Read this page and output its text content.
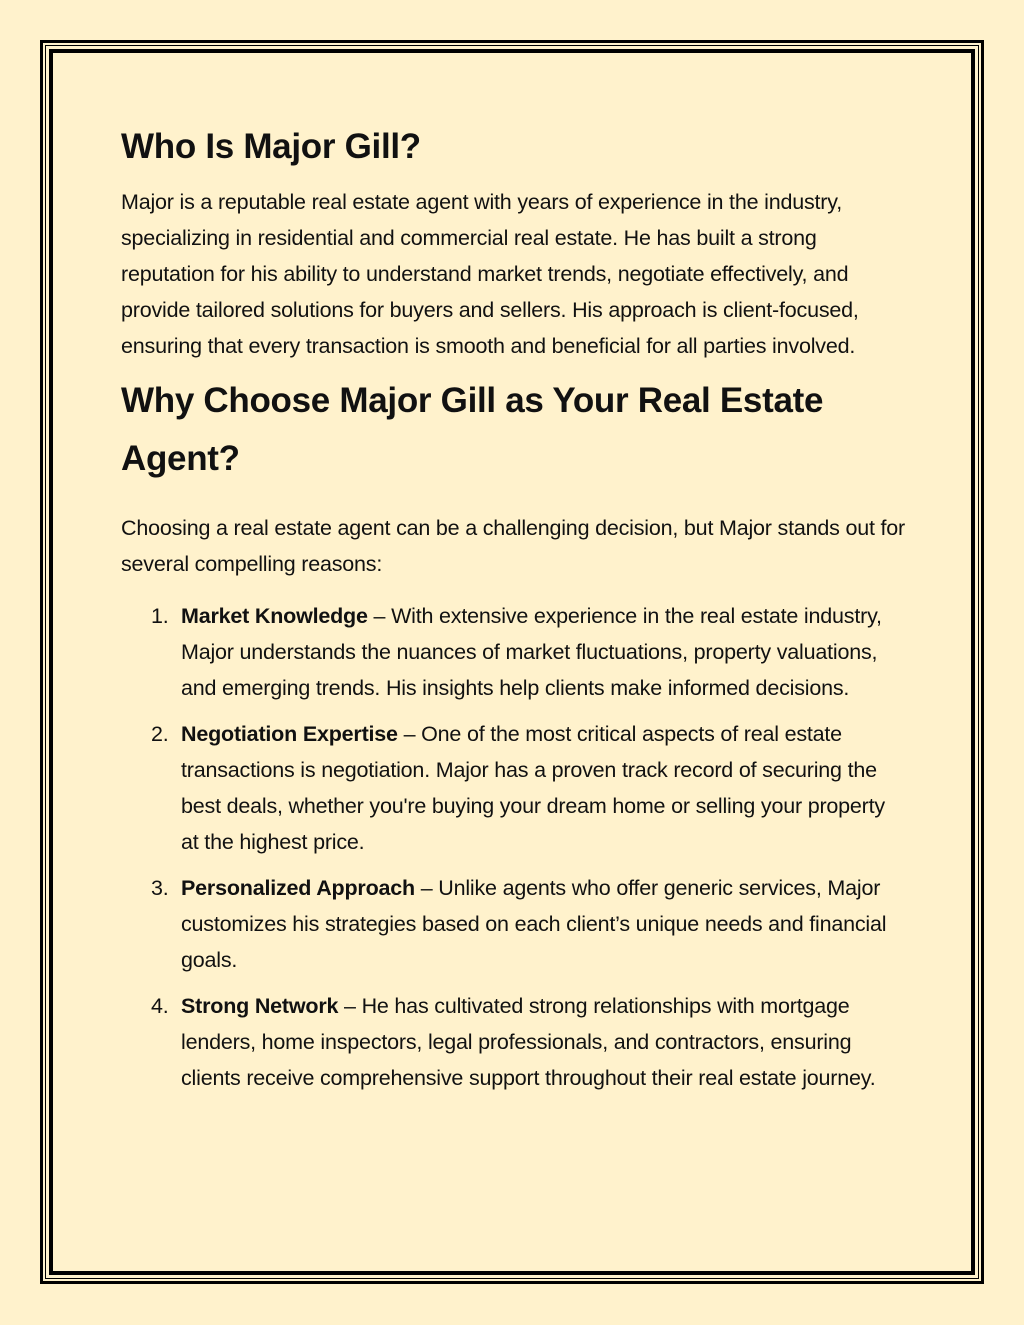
Who Is Major Gill?

Major is a reputable real estate agent with years of experience in the industry, specializing in residential and commercial real estate. He has built a strong reputation for his ability to understand market trends, negotiate effectively, and provide tailored solutions for buyers and sellers. His approach is client-focused, ensuring that every transaction is smooth and beneficial for all parties involved.

Why Choose Major Gill as Your Real Estate Agent?

Choosing a real estate agent can be a challenging decision, but Major stands out for several compelling reasons:

1. Market Knowledge – With extensive experience in the real estate industry, Major understands the nuances of market fluctuations, property valuations, and emerging trends. His insights help clients make informed decisions.
2. Negotiation Expertise – One of the most critical aspects of real estate transactions is negotiation. Major has a proven track record of securing the best deals, whether you're buying your dream home or selling your property at the highest price.
3. Personalized Approach – Unlike agents who offer generic services, Major customizes his strategies based on each client’s unique needs and financial goals.
4. Strong Network – He has cultivated strong relationships with mortgage lenders, home inspectors, legal professionals, and contractors, ensuring clients receive comprehensive support throughout their real estate journey.
